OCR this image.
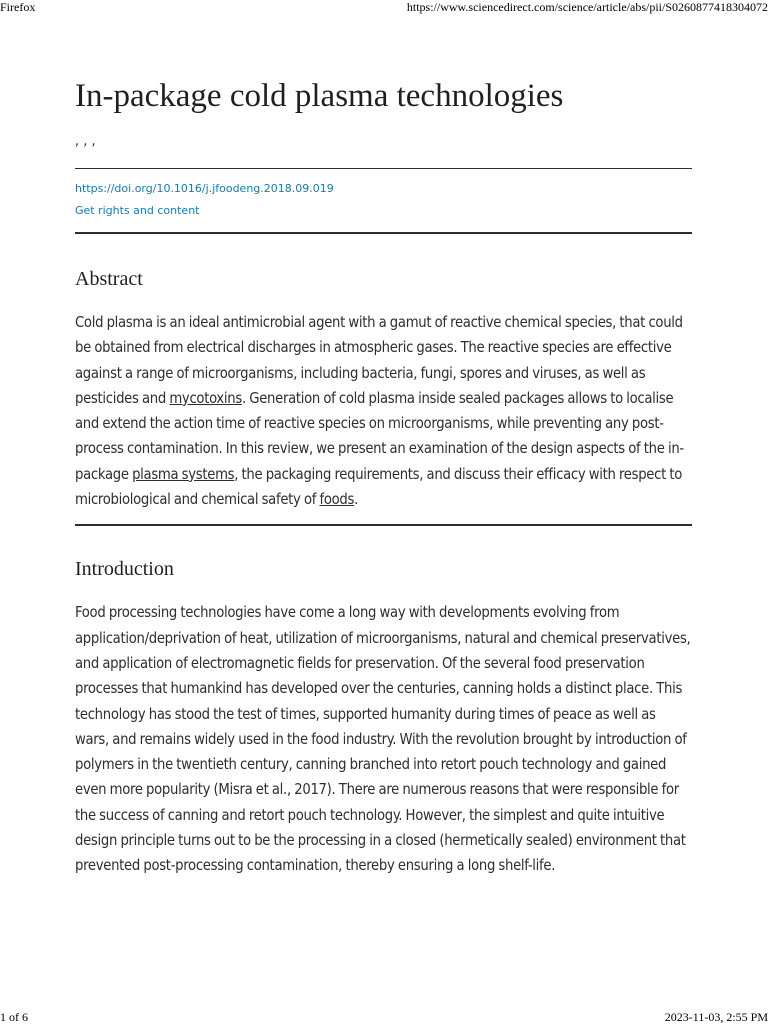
Firefox	https://www.sciencedirect.com/science/article/abs/pii/S0260877418304072
In-package cold plasma technologies
, , ,
https://doi.org/10.1016/j.jfoodeng.2018.09.019
Get rights and content
Abstract

Cold plasma is an ideal antimicrobial agent with a gamut of reactive chemical species, that could be obtained from electrical discharges in atmospheric gases. The reactive species are effective against a range of microorganisms, including bacteria, fungi, spores and viruses, as well as pesticides and mycotoxins. Generation of cold plasma inside sealed packages allows to localise and extend the action time of reactive species on microorganisms, while preventing any post-process contamination. In this review, we present an examination of the design aspects of the in-package plasma systems, the packaging requirements, and discuss their efficacy with respect to microbiological and chemical safety of foods.

Introduction

Food processing technologies have come a long way with developments evolving from application/deprivation of heat, utilization of microorganisms, natural and chemical preservatives, and application of electromagnetic fields for preservation. Of the several food preservation processes that humankind has developed over the centuries, canning holds a distinct place. This technology has stood the test of times, supported humanity during times of peace as well as wars, and remains widely used in the food industry. With the revolution brought by introduction of polymers in the twentieth century, canning branched into retort pouch technology and gained even more popularity (Misra et al., 2017). There are numerous reasons that were responsible for the success of canning and retort pouch technology. However, the simplest and quite intuitive design principle turns out to be the processing in a closed (hermetically sealed) environment that prevented post-processing contamination, thereby ensuring a long shelf-life.

1 of 6	2023-11-03, 2:55 PM
